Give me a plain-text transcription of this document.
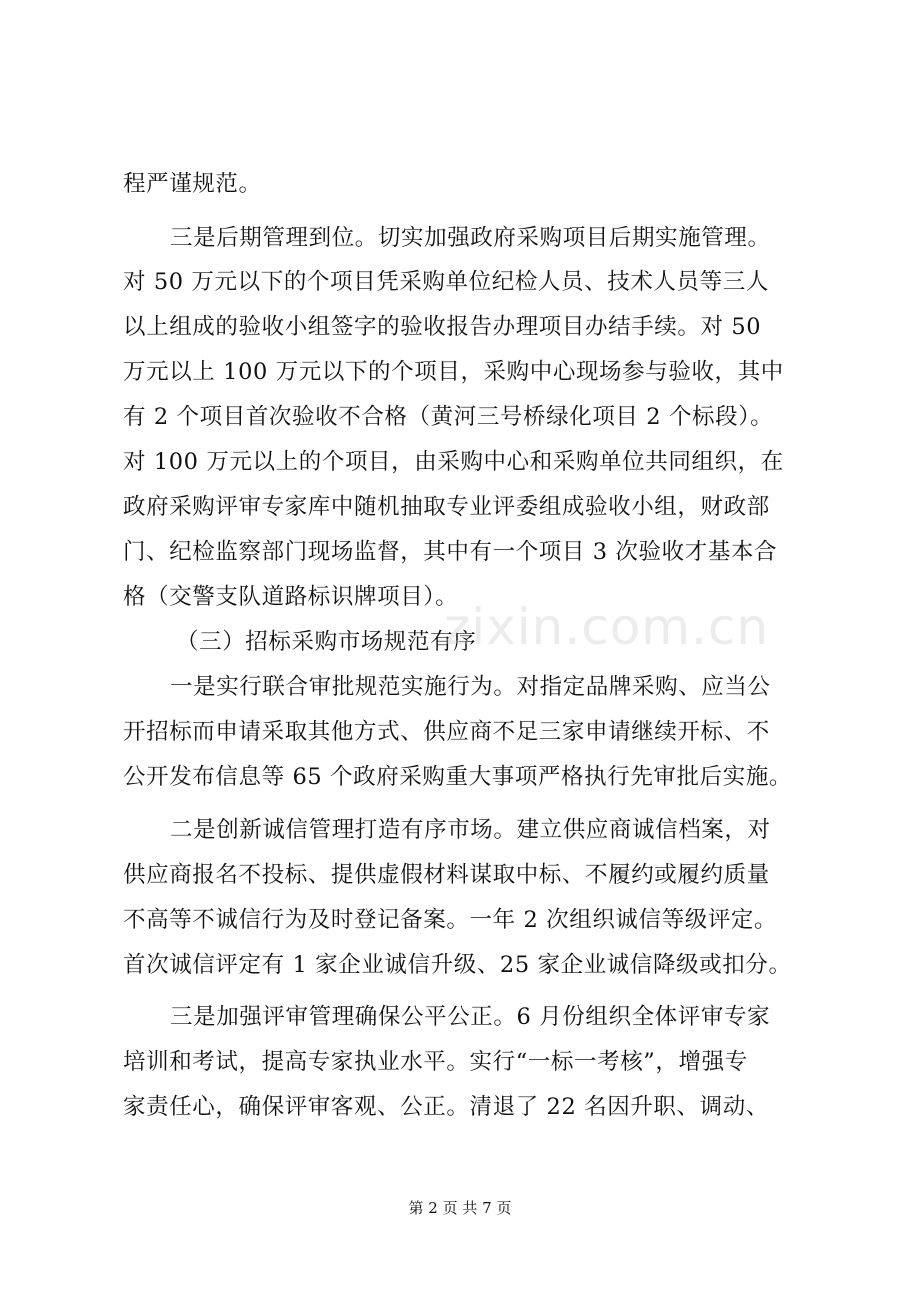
程严谨规范。
三是后期管理到位。切实加强政府采购项目后期实施管理。
对 50 万元以下的个项目凭采购单位纪检人员、技术人员等三人
以上组成的验收小组签字的验收报告办理项目办结手续。对 50
万元以上 100 万元以下的个项目，采购中心现场参与验收，其中
有 2 个项目首次验收不合格（黄河三号桥绿化项目 2 个标段）。
对 100 万元以上的个项目，由采购中心和采购单位共同组织，在
政府采购评审专家库中随机抽取专业评委组成验收小组，财政部
门、纪检监察部门现场监督，其中有一个项目 3 次验收才基本合
格（交警支队道路标识牌项目）。
（三）招标采购市场规范有序
一是实行联合审批规范实施行为。对指定品牌采购、应当公
开招标而申请采取其他方式、供应商不足三家申请继续开标、不
公开发布信息等 65 个政府采购重大事项严格执行先审批后实施。
二是创新诚信管理打造有序市场。建立供应商诚信档案，对
供应商报名不投标、提供虚假材料谋取中标、不履约或履约质量
不高等不诚信行为及时登记备案。一年 2 次组织诚信等级评定。
首次诚信评定有 1 家企业诚信升级、25 家企业诚信降级或扣分。
三是加强评审管理确保公平公正。6 月份组织全体评审专家
培训和考试，提高专家执业水平。实行“一标一考核”，增强专
家责任心，确保评审客观、公正。清退了 22 名因升职、调动、
zixin.com.cn
第 2 页 共 7 页
